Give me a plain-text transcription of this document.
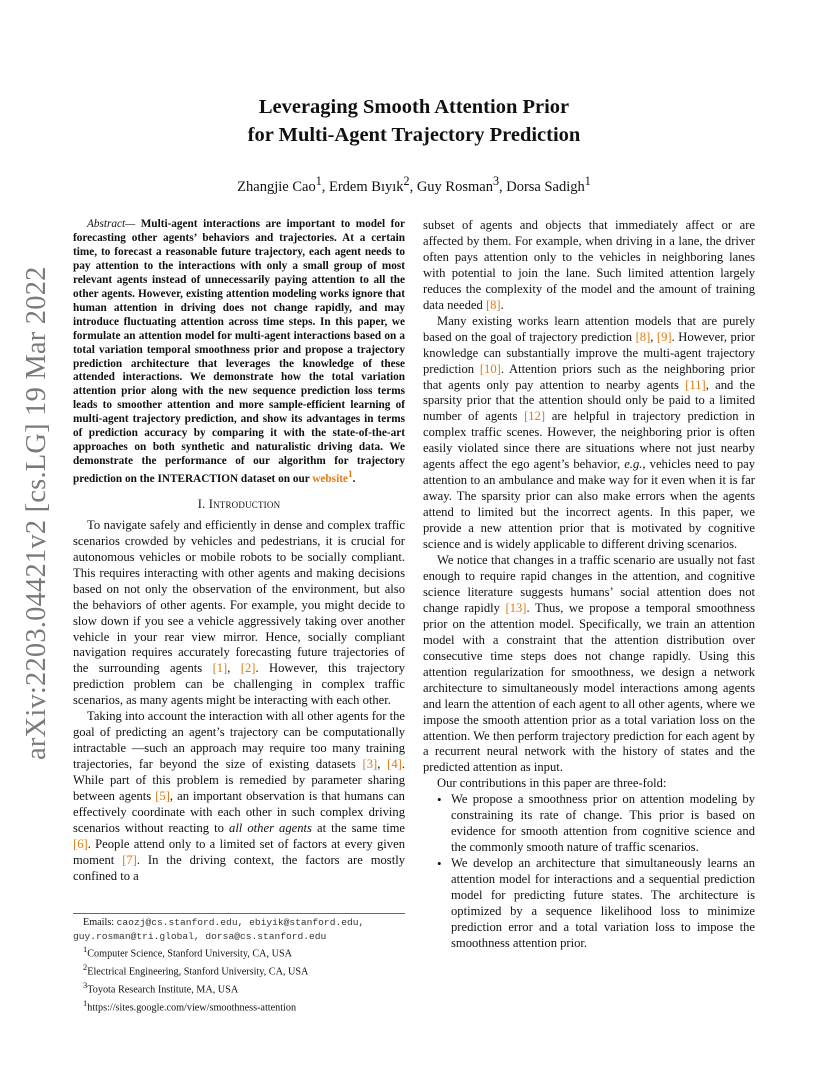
arXiv:2203.04421v2 [cs.LG] 19 Mar 2022
Leveraging Smooth Attention Prior
for Multi-Agent Trajectory Prediction
Zhangjie Cao$^1$, Erdem Bıyık$^2$, Guy Rosman$^3$, Dorsa Sadigh$^1$

Abstract— Multi-agent interactions are important to model for forecasting other agents’ behaviors and trajectories. At a certain time, to forecast a reasonable future trajectory, each agent needs to pay attention to the interactions with only a small group of most relevant agents instead of unnecessarily paying attention to all the other agents. However, existing attention modeling works ignore that human attention in driving does not change rapidly, and may introduce fluctuating attention across time steps. In this paper, we formulate an attention model for multi-agent interactions based on a total variation temporal smoothness prior and propose a trajectory prediction architecture that leverages the knowledge of these attended interactions. We demonstrate how the total variation attention prior along with the new sequence prediction loss terms leads to smoother attention and more sample-efficient learning of multi-agent trajectory prediction, and show its advantages in terms of prediction accuracy by comparing it with the state-of-the-art approaches on both synthetic and naturalistic driving data. We demonstrate the performance of our algorithm for trajectory prediction on the INTERACTION dataset on our website$^1$.

I. Introduction

To navigate safely and efficiently in dense and complex traffic scenarios crowded by vehicles and pedestrians, it is crucial for autonomous vehicles or mobile robots to be socially compliant. This requires interacting with other agents and making decisions based on not only the observation of the environment, but also the behaviors of other agents. For example, you might decide to slow down if you see a vehicle aggressively taking over another vehicle in your rear view mirror. Hence, socially compliant navigation requires accurately forecasting future trajectories of the surrounding agents [1], [2]. However, this trajectory prediction problem can be challenging in complex traffic scenarios, as many agents might be interacting with each other.

Taking into account the interaction with all other agents for the goal of predicting an agent’s trajectory can be computationally intractable —such an approach may require too many training trajectories, far beyond the size of existing datasets [3], [4]. While part of this problem is remedied by parameter sharing between agents [5], an important observation is that humans can effectively coordinate with each other in such complex driving scenarios without reacting to all other agents at the same time [6]. People attend only to a limited set of factors at every given moment [7]. In the driving context, the factors are mostly confined to a

Emails: caozj@cs.stanford.edu, ebiyik@stanford.edu, guy.rosman@tri.global, dorsa@cs.stanford.edu

$^1$Computer Science, Stanford University, CA, USA

$^2$Electrical Engineering, Stanford University, CA, USA

$^3$Toyota Research Institute, MA, USA

$^1$https://sites.google.com/view/smoothness-attention

subset of agents and objects that immediately affect or are affected by them. For example, when driving in a lane, the driver often pays attention only to the vehicles in neighboring lanes with potential to join the lane. Such limited attention largely reduces the complexity of the model and the amount of training data needed [8].

Many existing works learn attention models that are purely based on the goal of trajectory prediction [8], [9]. However, prior knowledge can substantially improve the multi-agent trajectory prediction [10]. Attention priors such as the neighboring prior that agents only pay attention to nearby agents [11], and the sparsity prior that the attention should only be paid to a limited number of agents [12] are helpful in trajectory prediction in complex traffic scenes. However, the neighboring prior is often easily violated since there are situations where not just nearby agents affect the ego agent’s behavior, e.g., vehicles need to pay attention to an ambulance and make way for it even when it is far away. The sparsity prior can also make errors when the agents attend to limited but the incorrect agents. In this paper, we provide a new attention prior that is motivated by cognitive science and is widely applicable to different driving scenarios.

We notice that changes in a traffic scenario are usually not fast enough to require rapid changes in the attention, and cognitive science literature suggests humans’ social attention does not change rapidly [13]. Thus, we propose a temporal smoothness prior on the attention model. Specifically, we train an attention model with a constraint that the attention distribution over consecutive time steps does not change rapidly. Using this attention regularization for smoothness, we design a network architecture to simultaneously model interactions among agents and learn the attention of each agent to all other agents, where we impose the smooth attention prior as a total variation loss on the attention. We then perform trajectory prediction for each agent by a recurrent neural network with the history of states and the predicted attention as input.

Our contributions in this paper are three-fold:

• We propose a smoothness prior on attention modeling by constraining its rate of change. This prior is based on evidence for smooth attention from cognitive science and the commonly smooth nature of traffic scenarios.
• We develop an architecture that simultaneously learns an attention model for interactions and a sequential prediction model for predicting future states. The architecture is optimized by a sequence likelihood loss to minimize prediction error and a total variation loss to impose the smoothness attention prior.
